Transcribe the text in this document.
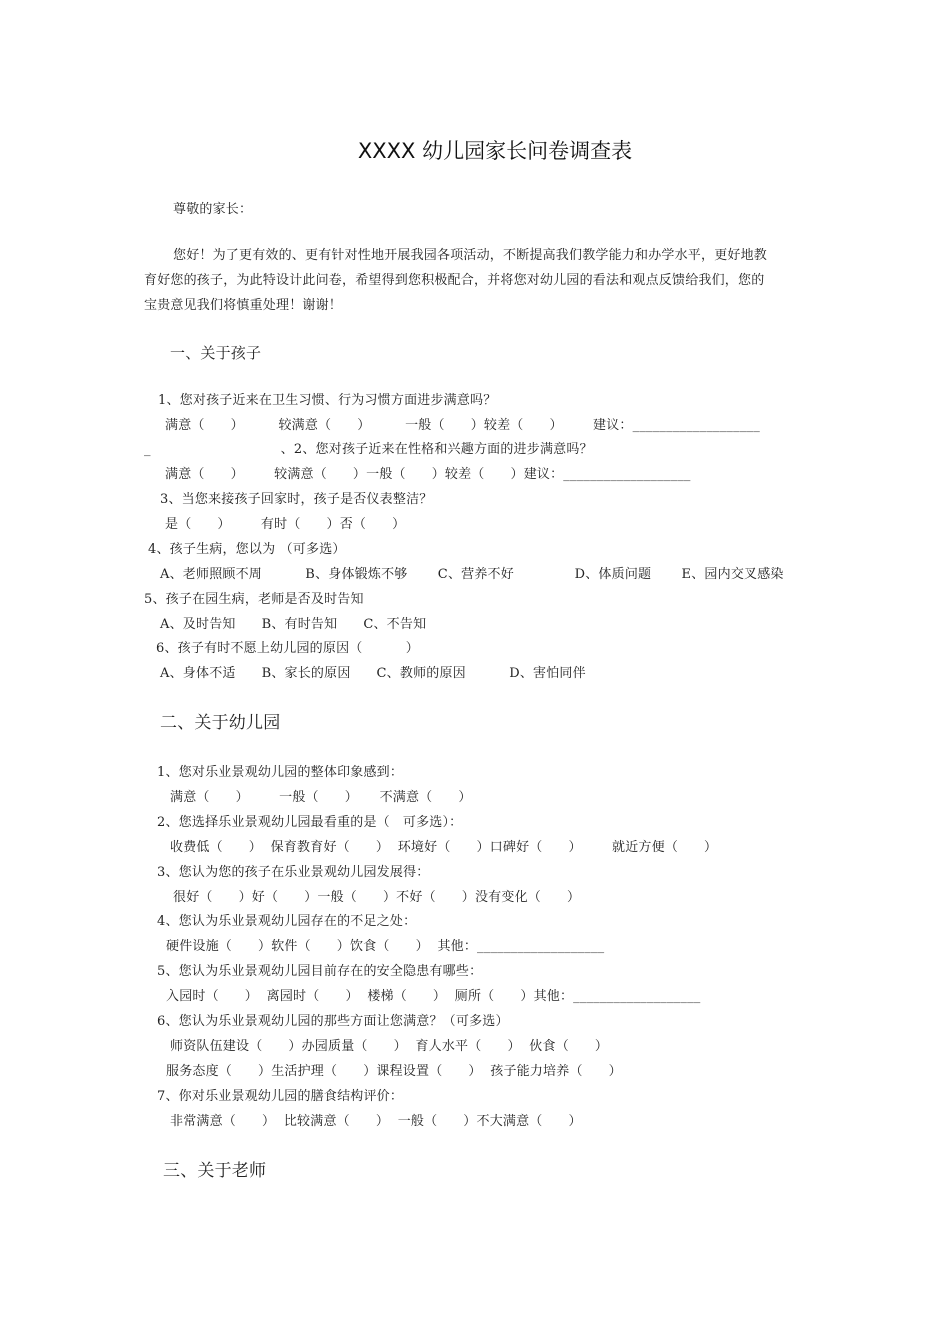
XXXX 幼儿园家长问卷调查表
尊敬的家长：
您好！为了更有效的、更有针对性地开展我园各项活动，不断提高我们教学能力和办学水平，更好地教
育好您的孩子，为此特设计此问卷，希望得到您积极配合，并将您对幼儿园的看法和观点反馈给我们，您的
宝贵意见我们将慎重处理！谢谢！
一、关于孩子
1、您对孩子近来在卫生习惯、行为习惯方面进步满意吗？
满意（      ）        较满意（      ）        一般（      ）较差（      ）       建议：___________________
_                              、2、您对孩子近来在性格和兴趣方面的进步满意吗？
满意（      ）       较满意（      ）一般（      ）较差（      ）建议：___________________
3、当您来接孩子回家时，孩子是否仪表整洁？
是（      ）       有时（      ）否（      ）
4、孩子生病，您以为 （可多选）
A、老师照顾不周          B、身体锻炼不够       C、营养不好              D、体质问题       E、园内交叉感染
5、孩子在园生病，老师是否及时告知
A、及时告知      B、有时告知      C、不告知
6、孩子有时不愿上幼儿园的原因（          ）
A、身体不适      B、家长的原因      C、教师的原因          D、害怕同伴
二、关于幼儿园
1、您对乐业景观幼儿园的整体印象感到：
满意（      ）       一般（      ）     不满意（      ）
2、您选择乐业景观幼儿园最看重的是（   可多选）：
收费低（      ）  保育教育好（      ）  环境好（      ）口碑好（      ）       就近方便（      ）
3、您认为您的孩子在乐业景观幼儿园发展得：
很好（      ）好（      ）一般（      ）不好（      ）没有变化（      ）
4、您认为乐业景观幼儿园存在的不足之处：
硬件设施（      ）软件（      ）饮食（      ）  其他：___________________
5、您认为乐业景观幼儿园目前存在的安全隐患有哪些：
入园时（      ）  离园时（      ）  楼梯（      ）  厕所（      ）其他：___________________
6、您认为乐业景观幼儿园的那些方面让您满意？（可多选）
师资队伍建设（      ）办园质量（      ）  育人水平（      ）  伙食（      ）
服务态度（      ）生活护理（      ）课程设置（      ）  孩子能力培养（      ）
7、你对乐业景观幼儿园的膳食结构评价：
非常满意（      ）  比较满意（      ）  一般（      ）不大满意（      ）
三、关于老师
